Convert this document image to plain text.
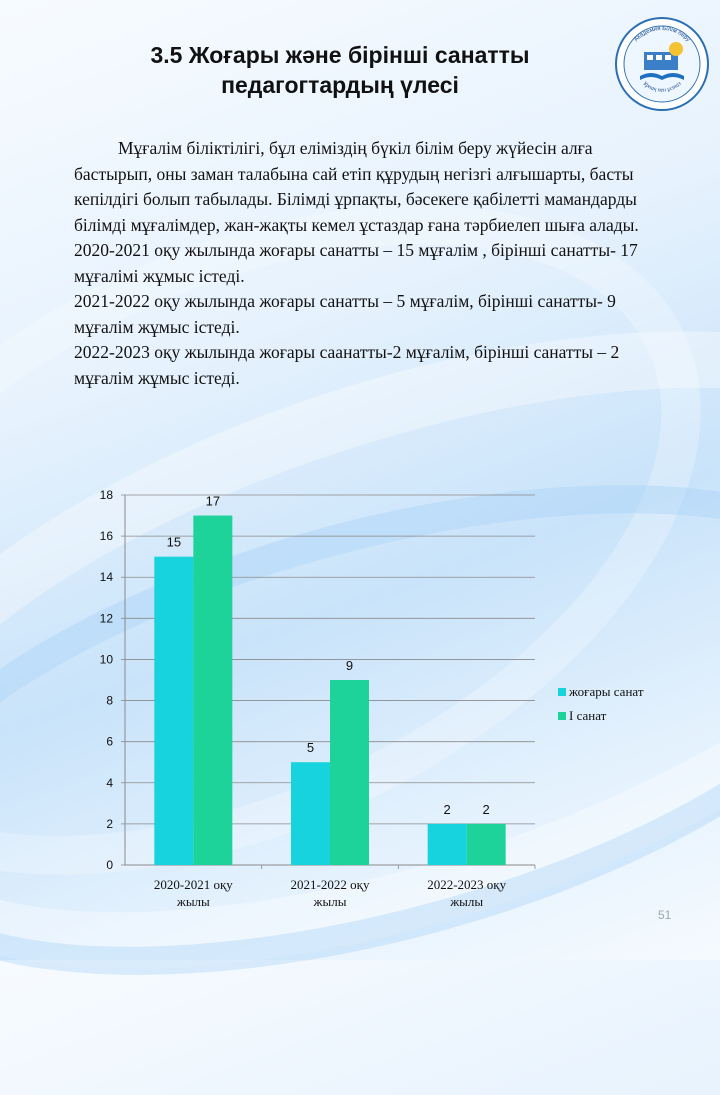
3.5 Жоғары және бірінші санатты
педагогтардың үлесі
Академия Білім беру
Ұрпақ пен ұстаз

Мұғалім біліктілігі, бұл еліміздің бүкіл білім беру жүйесін алға бастырып, оны заман талабына сай етіп құрудың негізгі алғышарты, басты кепілдігі болып табылады. Білімді ұрпақты, бәсекеге қабілетті мамандарды білімді мұғалімдер, жан-жақты кемел ұстаздар ғана тәрбиелеп шыға алады.

2020-2021 оқу жылында жоғары санатты – 15 мұғалім , бірінші санатты- 17 мұғалімі жұмыс істеді.

2021-2022 оқу жылында жоғары санатты – 5 мұғалім, бірінші санатты- 9 мұғалім жұмыс істеді.

2022-2023 оқу жылында жоғары саанатты-2 мұғалім, бірінші санатты – 2 мұғалім жұмыс істеді.

0
2
4
6
8
10
12
14
16
18
15
17
2020-2021 оқу
жылы
5
9
2021-2022 оқу
жылы
2 2
2022-2023 оқу
жылы
жоғары санат
I санат
51
